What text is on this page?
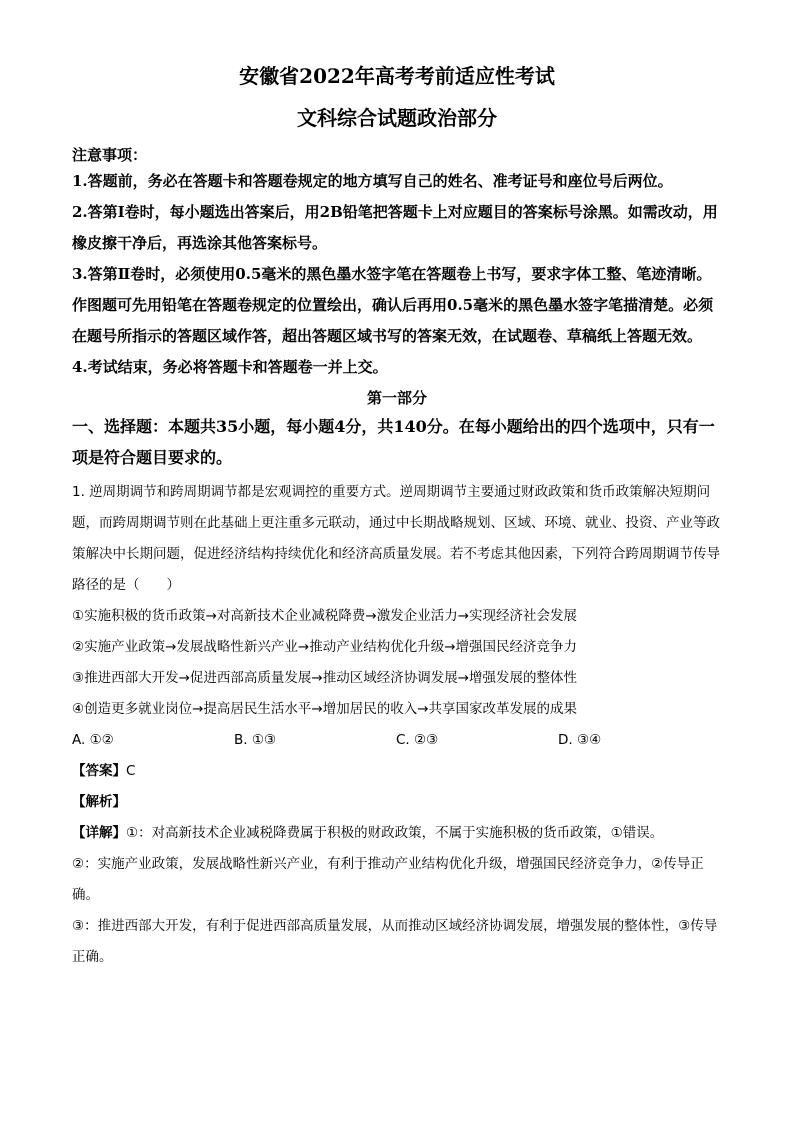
安徽省2022年高考考前适应性考试
文科综合试题政治部分
注意事项：

1.答题前，务必在答题卡和答题卷规定的地方填写自己的姓名、准考证号和座位号后两位。

2.答第Ⅰ卷时，每小题选出答案后，用2B铅笔把答题卡上对应题目的答案标号涂黑。如需改动，用橡皮擦干净后，再选涂其他答案标号。

3.答第Ⅱ卷时，必须使用0.5毫米的黑色墨水签字笔在答题卷上书写，要求字体工整、笔迹清晰。作图题可先用铅笔在答题卷规定的位置绘出，确认后再用0.5毫米的黑色墨水签字笔描清楚。必须在题号所指示的答题区域作答，超出答题区域书写的答案无效，在试题卷、草稿纸上答题无效。

4.考试结束，务必将答题卡和答题卷一并上交。

第一部分

一、选择题：本题共35小题，每小题4分，共140分。在每小题给出的四个选项中，只有一项是符合题目要求的。

1. 逆周期调节和跨周期调节都是宏观调控的重要方式。逆周期调节主要通过财政政策和货币政策解决短期问题，而跨周期调节则在此基础上更注重多元联动，通过中长期战略规划、区域、环境、就业、投资、产业等政策解决中长期问题，促进经济结构持续优化和经济高质量发展。若不考虑其他因素，下列符合跨周期调节传导路径的是（　　）

①实施积极的货币政策→对高新技术企业减税降费→激发企业活力→实现经济社会发展

②实施产业政策→发展战略性新兴产业→推动产业结构优化升级→增强国民经济竞争力

③推进西部大开发→促进西部高质量发展→推动区域经济协调发展→增强发展的整体性

④创造更多就业岗位→提高居民生活水平→增加居民的收入→共享国家改革发展的成果

A. ①②	B. ①③	C. ②③	D. ③④

【答案】C

【解析】

【详解】①：对高新技术企业减税降费属于积极的财政政策，不属于实施积极的货币政策，①错误。

②：实施产业政策，发展战略性新兴产业，有利于推动产业结构优化升级，增强国民经济竞争力，②传导正确。

③：推进西部大开发，有利于促进西部高质量发展，从而推动区域经济协调发展，增强发展的整体性，③传导正确。
